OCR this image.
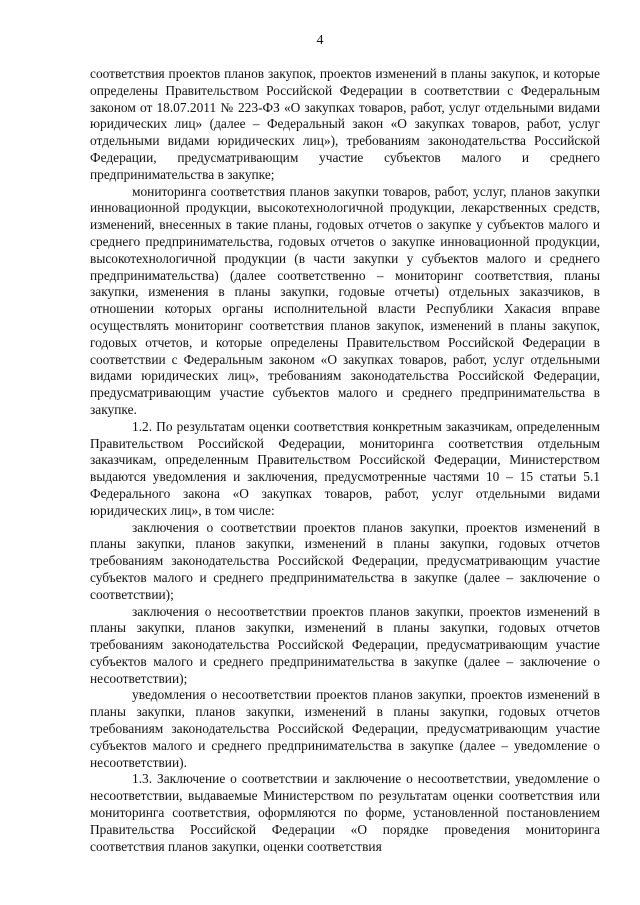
4

соответствия проектов планов закупок, проектов изменений в планы закупок, и которые определены Правительством Российской Федерации в соответствии с Федеральным законом от 18.07.2011 № 223-ФЗ «О закупках товаров, работ, услуг отдельными видами юридических лиц» (далее – Федеральный закон «О закупках товаров, работ, услуг отдельными видами юридических лиц»), требованиям законодательства Российской Федерации, предусматривающим участие субъектов малого и среднего предпринимательства в закупке;

мониторинга соответствия планов закупки товаров, работ, услуг, планов закупки инновационной продукции, высокотехнологичной продукции, лекарственных средств, изменений, внесенных в такие планы, годовых отчетов о закупке у субъектов малого и среднего предпринимательства, годовых отчетов о закупке инновационной продукции, высокотехнологичной продукции (в части закупки у субъектов малого и среднего предпринимательства) (далее соответственно – мониторинг соответствия, планы закупки, изменения в планы закупки, годовые отчеты) отдельных заказчиков, в отношении которых органы исполнительной власти Республики Хакасия вправе осуществлять мониторинг соответствия планов закупок, изменений в планы закупок, годовых отчетов, и которые определены Правительством Российской Федерации в соответствии с Федеральным законом «О закупках товаров, работ, услуг отдельными видами юридических лиц», требованиям законодательства Российской Федерации, предусматривающим участие субъектов малого и среднего предпринимательства в закупке.

1.2. По результатам оценки соответствия конкретным заказчикам, определенным Правительством Российской Федерации, мониторинга соответствия отдельным заказчикам, определенным Правительством Российской Федерации, Министерством выдаются уведомления и заключения, предусмотренные частями 10 – 15 статьи 5.1 Федерального закона «О закупках товаров, работ, услуг отдельными видами юридических лиц», в том числе:

заключения о соответствии проектов планов закупки, проектов изменений в планы закупки, планов закупки, изменений в планы закупки, годовых отчетов требованиям законодательства Российской Федерации, предусматривающим участие субъектов малого и среднего предпринимательства в закупке (далее – заключение о соответствии);

заключения о несоответствии проектов планов закупки, проектов изменений в планы закупки, планов закупки, изменений в планы закупки, годовых отчетов требованиям законодательства Российской Федерации, предусматривающим участие субъектов малого и среднего предпринимательства в закупке (далее – заключение о несоответствии);

уведомления о несоответствии проектов планов закупки, проектов изменений в планы закупки, планов закупки, изменений в планы закупки, годовых отчетов требованиям законодательства Российской Федерации, предусматривающим участие субъектов малого и среднего предпринимательства в закупке (далее – уведомление о несоответствии).

1.3. Заключение о соответствии и заключение о несоответствии, уведомление о несоответствии, выдаваемые Министерством по результатам оценки соответствия или мониторинга соответствия, оформляются по форме, установленной постановлением Правительства Российской Федерации «О порядке проведения мониторинга соответствия планов закупки, оценки соответствия
